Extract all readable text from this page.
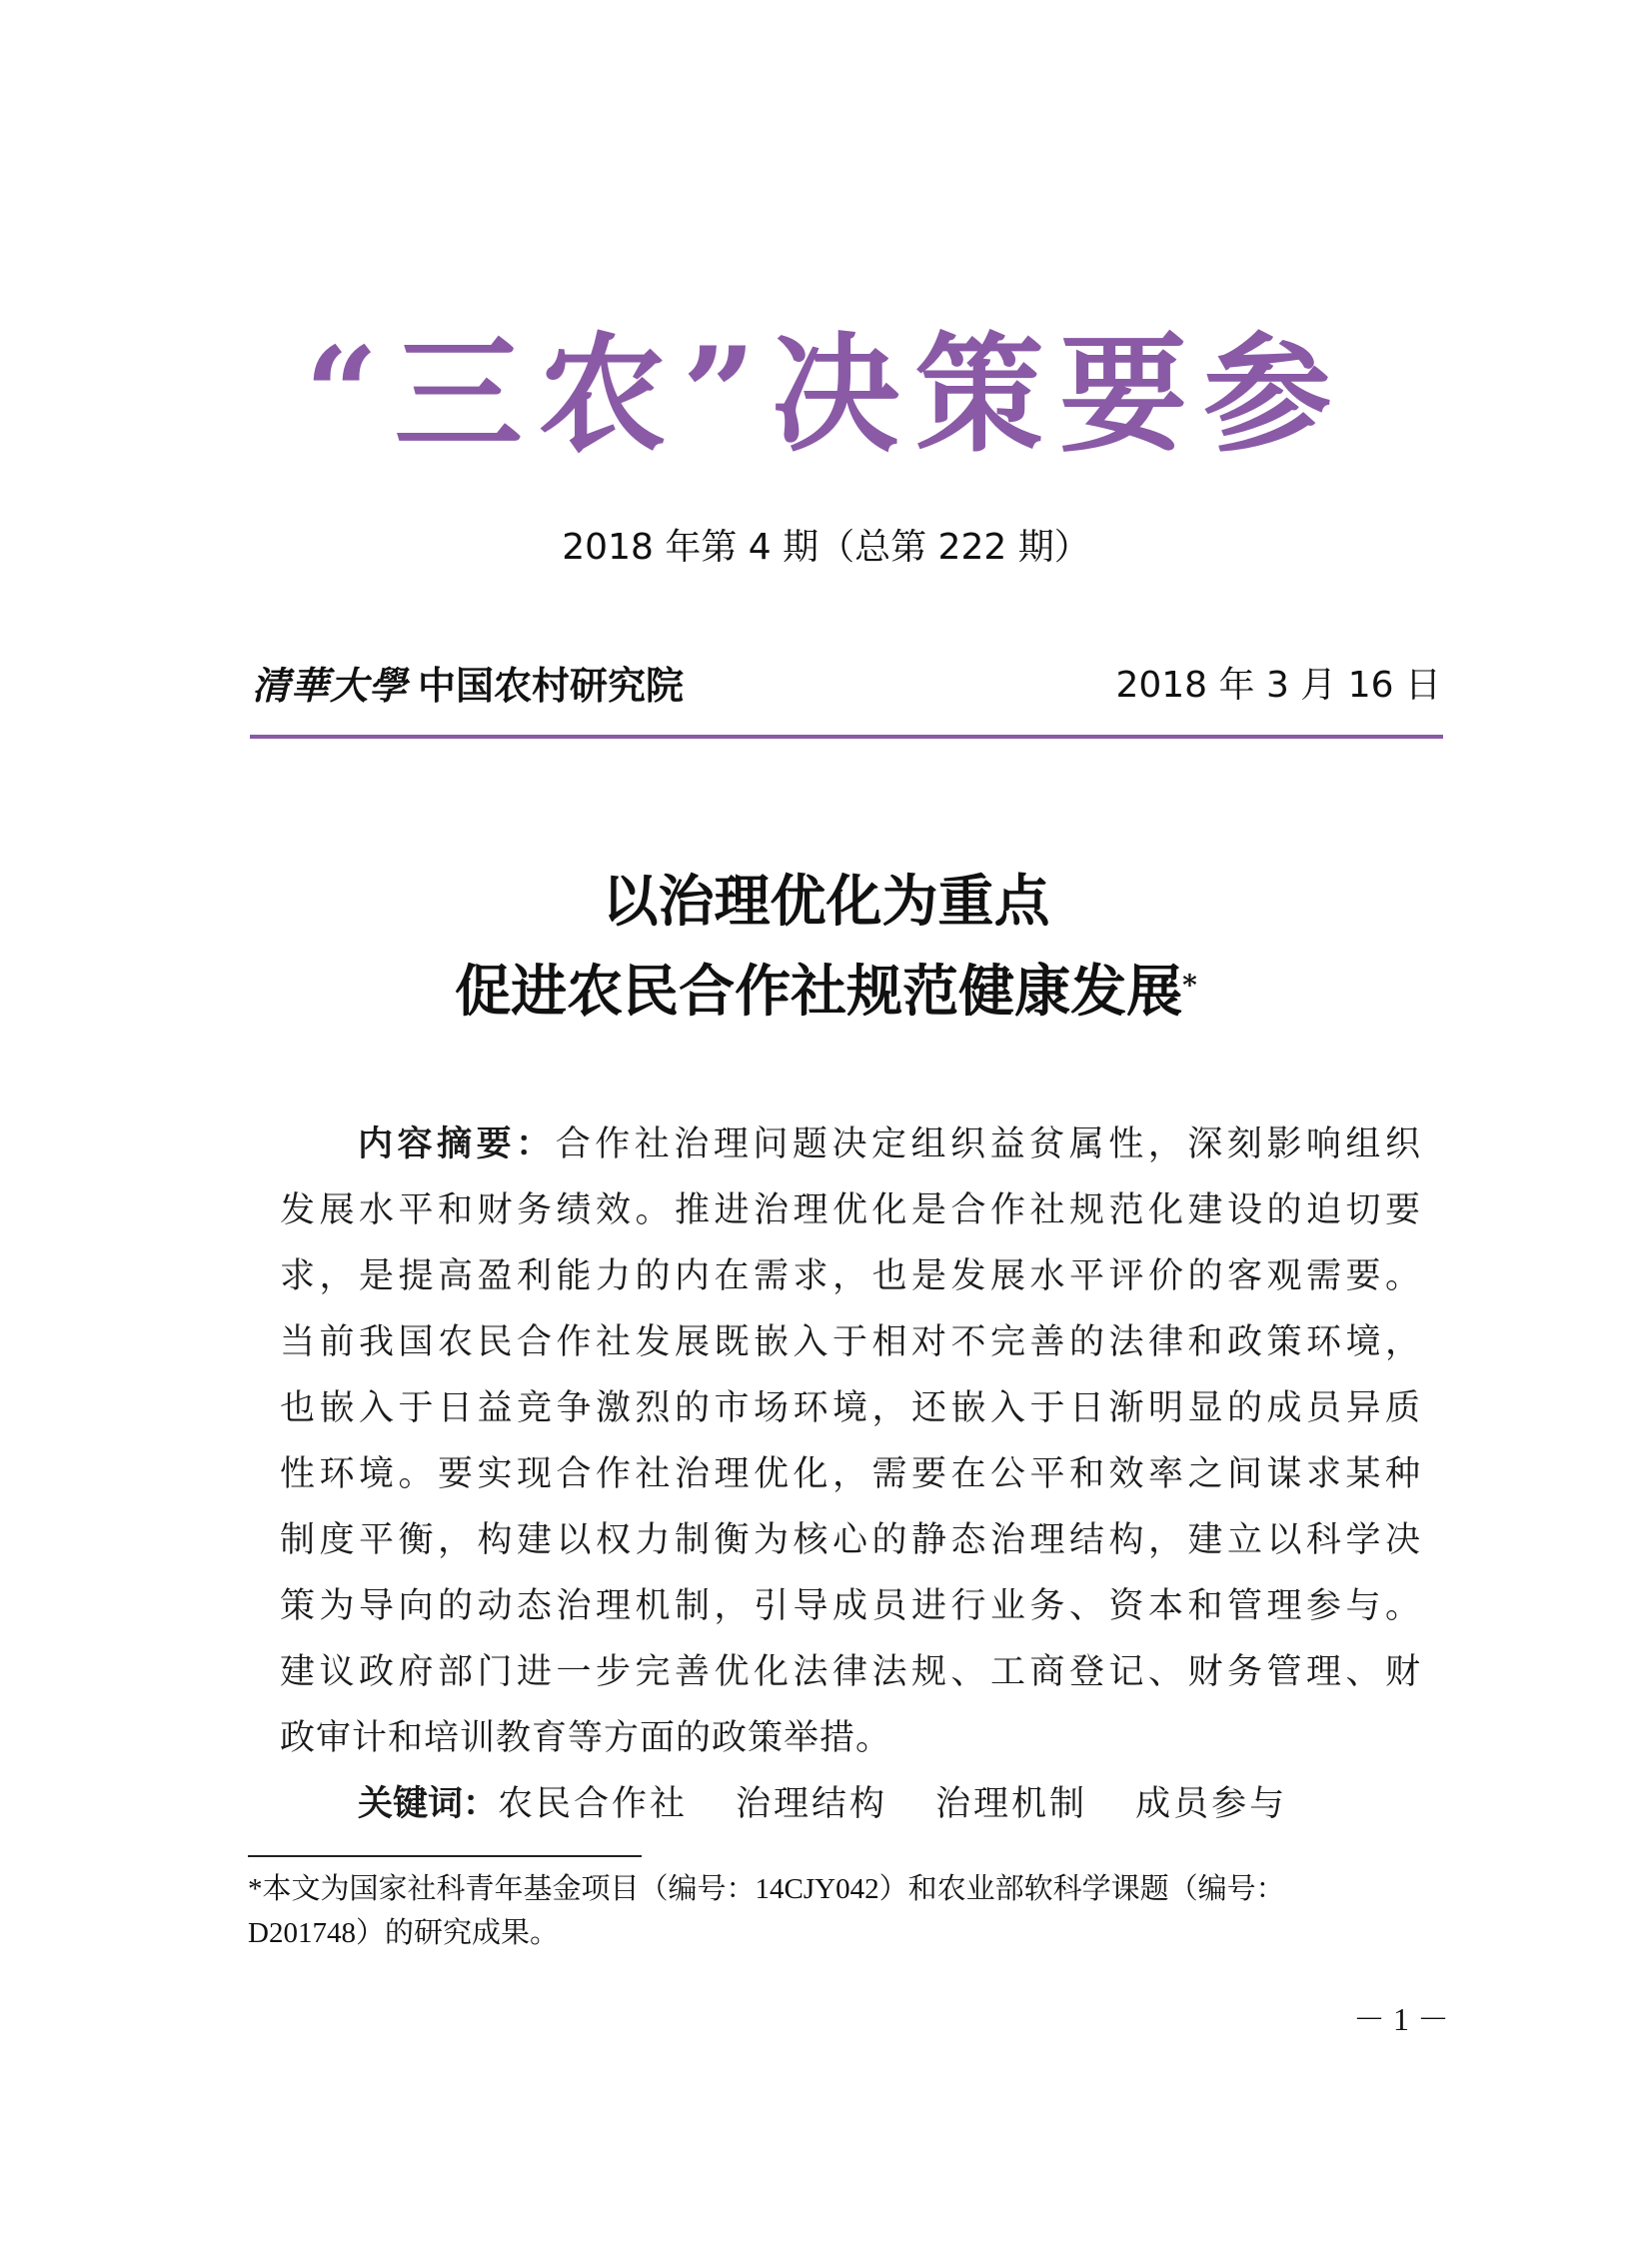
“三农”决策要参
2018 年第 4 期（总第 222 期）
清華大學 中国农村研究院	2018 年 3 月 16 日
以治理优化为重点
促进农民合作社规范健康发展*
内容摘要：合作社治理问题决定组织益贫属性，深刻影响组织
发展水平和财务绩效。推进治理优化是合作社规范化建设的迫切要
求，是提高盈利能力的内在需求，也是发展水平评价的客观需要。
当前我国农民合作社发展既嵌入于相对不完善的法律和政策环境，
也嵌入于日益竞争激烈的市场环境，还嵌入于日渐明显的成员异质
性环境。要实现合作社治理优化，需要在公平和效率之间谋求某种
制度平衡，构建以权力制衡为核心的静态治理结构，建立以科学决
策为导向的动态治理机制，引导成员进行业务、资本和管理参与。
建议政府部门进一步完善优化法律法规、工商登记、财务管理、财
政审计和培训教育等方面的政策举措。
关键词：农民合作社 治理结构 治理机制 成员参与
*本文为国家社科青年基金项目（编号：14CJY042）和农业部软科学课题（编号：
D201748）的研究成果。
－ 1 －
